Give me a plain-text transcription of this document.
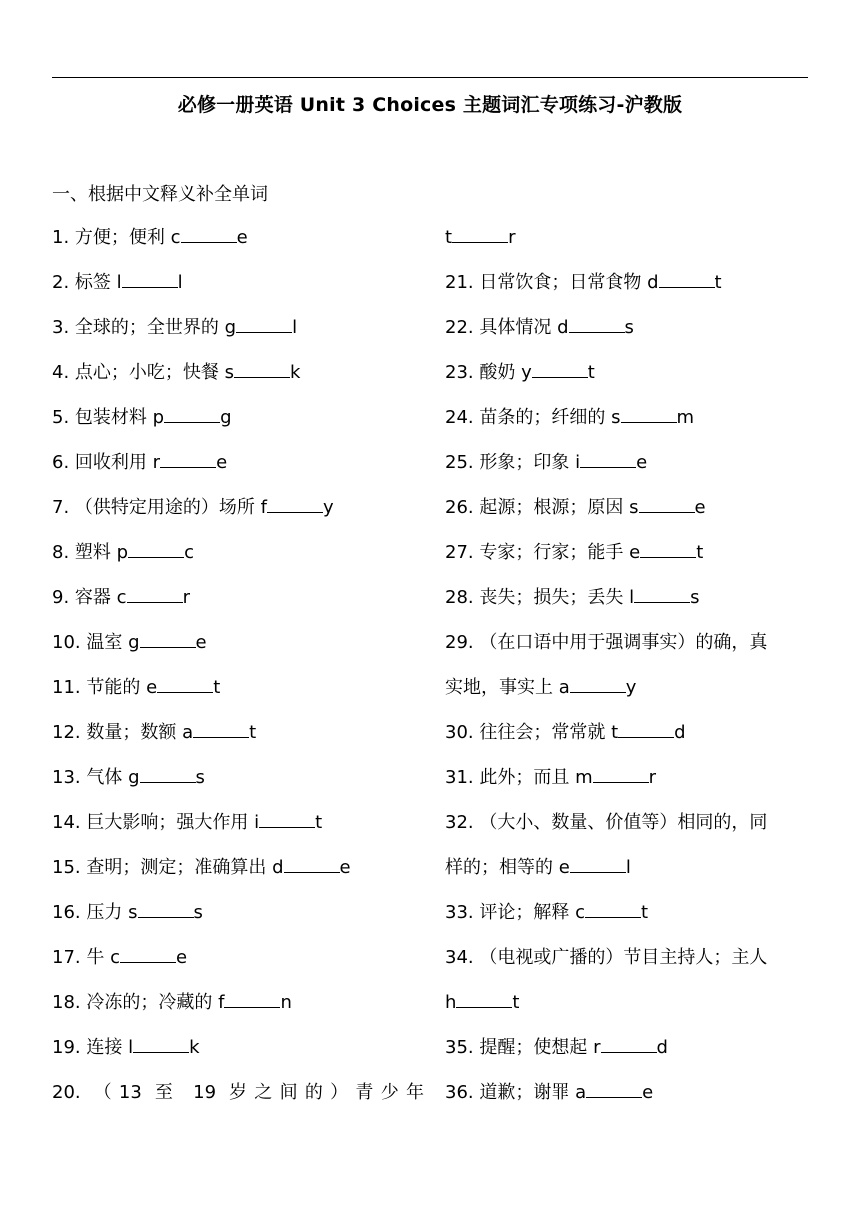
必修一册英语 Unit 3 Choices 主题词汇专项练习-沪教版
一、根据中文释义补全单词
1. 方便；便利 c	e
2. 标签 l	l
3. 全球的；全世界的 g	l
4. 点心；小吃；快餐 s	k
5. 包装材料 p	g
6. 回收利用 r	e
7. （供特定用途的）场所 f	y
8. 塑料 p	c
9. 容器 c	r
10. 温室 g	e
11. 节能的 e	t
12. 数量；数额 a	t
13. 气体 g	s
14. 巨大影响；强大作用 i	t
15. 查明；测定；准确算出 d	e
16. 压力 s	s
17. 牛 c	e
18. 冷冻的；冷藏的 f	n
19. 连接 l	k
20. （13 至 19 岁之间的）青少年
t	r
21. 日常饮食；日常食物 d	t
22. 具体情况 d	s
23. 酸奶 y	t
24. 苗条的；纤细的 s	m
25. 形象；印象 i	e
26. 起源；根源；原因 s	e
27. 专家；行家；能手 e	t
28. 丧失；损失；丢失 l	s
29. （在口语中用于强调事实）的确，真
实地，事实上 a	y
30. 往往会；常常就 t	d
31. 此外；而且 m	r
32. （大小、数量、价值等）相同的，同
样的；相等的 e	l
33. 评论；解释 c	t
34. （电视或广播的）节目主持人；主人
h	t
35. 提醒；使想起 r	d
36. 道歉；谢罪 a	e
